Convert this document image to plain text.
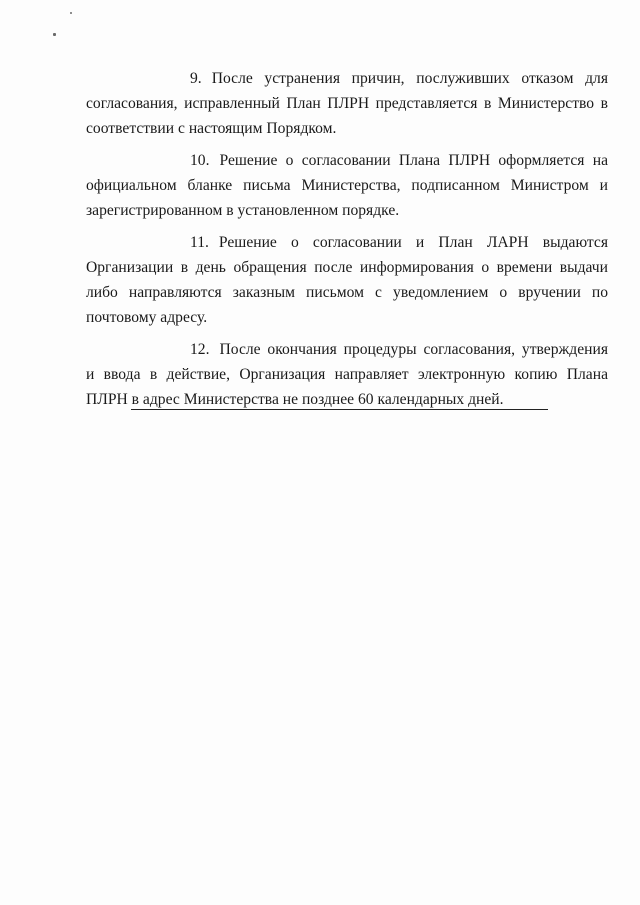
9. После устранения причин, послуживших отказом для согласования, исправленный План ПЛРН представляется в Министерство в соответствии с настоящим Порядком.

10. Решение о согласовании Плана ПЛРН оформляется на официальном бланке письма Министерства, подписанном Министром и зарегистрированном в установленном порядке.

11. Решение о согласовании и План ЛАРН выдаются Организации в день обращения после информирования о времени выдачи либо направляются заказным письмом с уведомлением о вручении по почтовому адресу.

12. После окончания процедуры согласования, утверждения и ввода в действие, Организация направляет электронную копию Плана ПЛРН в адрес Министерства не позднее 60 календарных дней.
